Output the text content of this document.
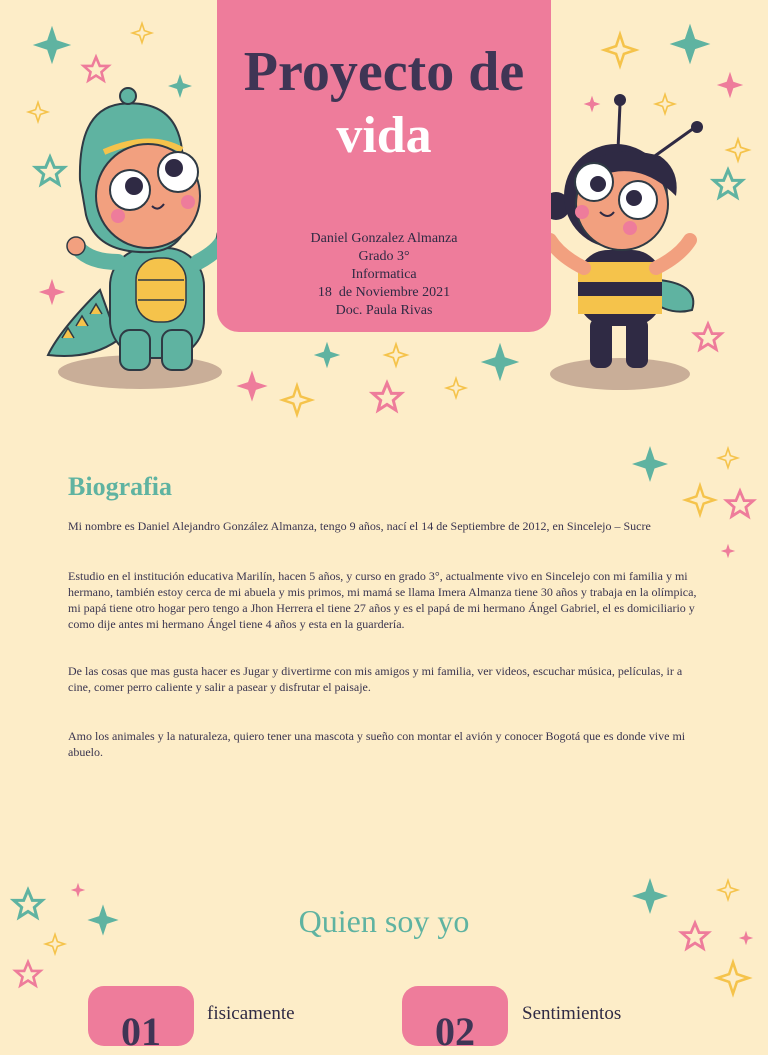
Proyecto de
vida
Daniel Gonzalez Almanza
Grado 3°
Informatica
18  de Noviembre 2021
Doc. Paula Rivas
Biografia

Mi nombre es Daniel Alejandro González Almanza, tengo 9 años, nací el 14 de Septiembre de 2012, en Sincelejo – Sucre

Estudio en el institución educativa Marilín, hacen 5 años, y curso en grado 3°, actualmente vivo en Sincelejo con mi familia y mi hermano, también estoy cerca de mi abuela y mis primos, mi mamá se llama Imera Almanza tiene 30 años y trabaja en la olímpica, mi papá tiene otro hogar pero tengo a Jhon Herrera el tiene 27 años y es el papá de mi hermano Ángel Gabriel, el es domiciliario y como dije antes mi hermano Ángel tiene 4 años y esta en la guardería.

De las cosas que mas gusta hacer es Jugar y divertirme con mis amigos y mi familia, ver videos, escuchar música, películas, ir a cine, comer perro caliente y salir a pasear y disfrutar el paisaje.

Amo los animales y la naturaleza, quiero tener una mascota y sueño con montar el avión y conocer Bogotá que es donde vive mi abuelo.

Quien soy yo
01	fisicamente	02	Sentimientos
